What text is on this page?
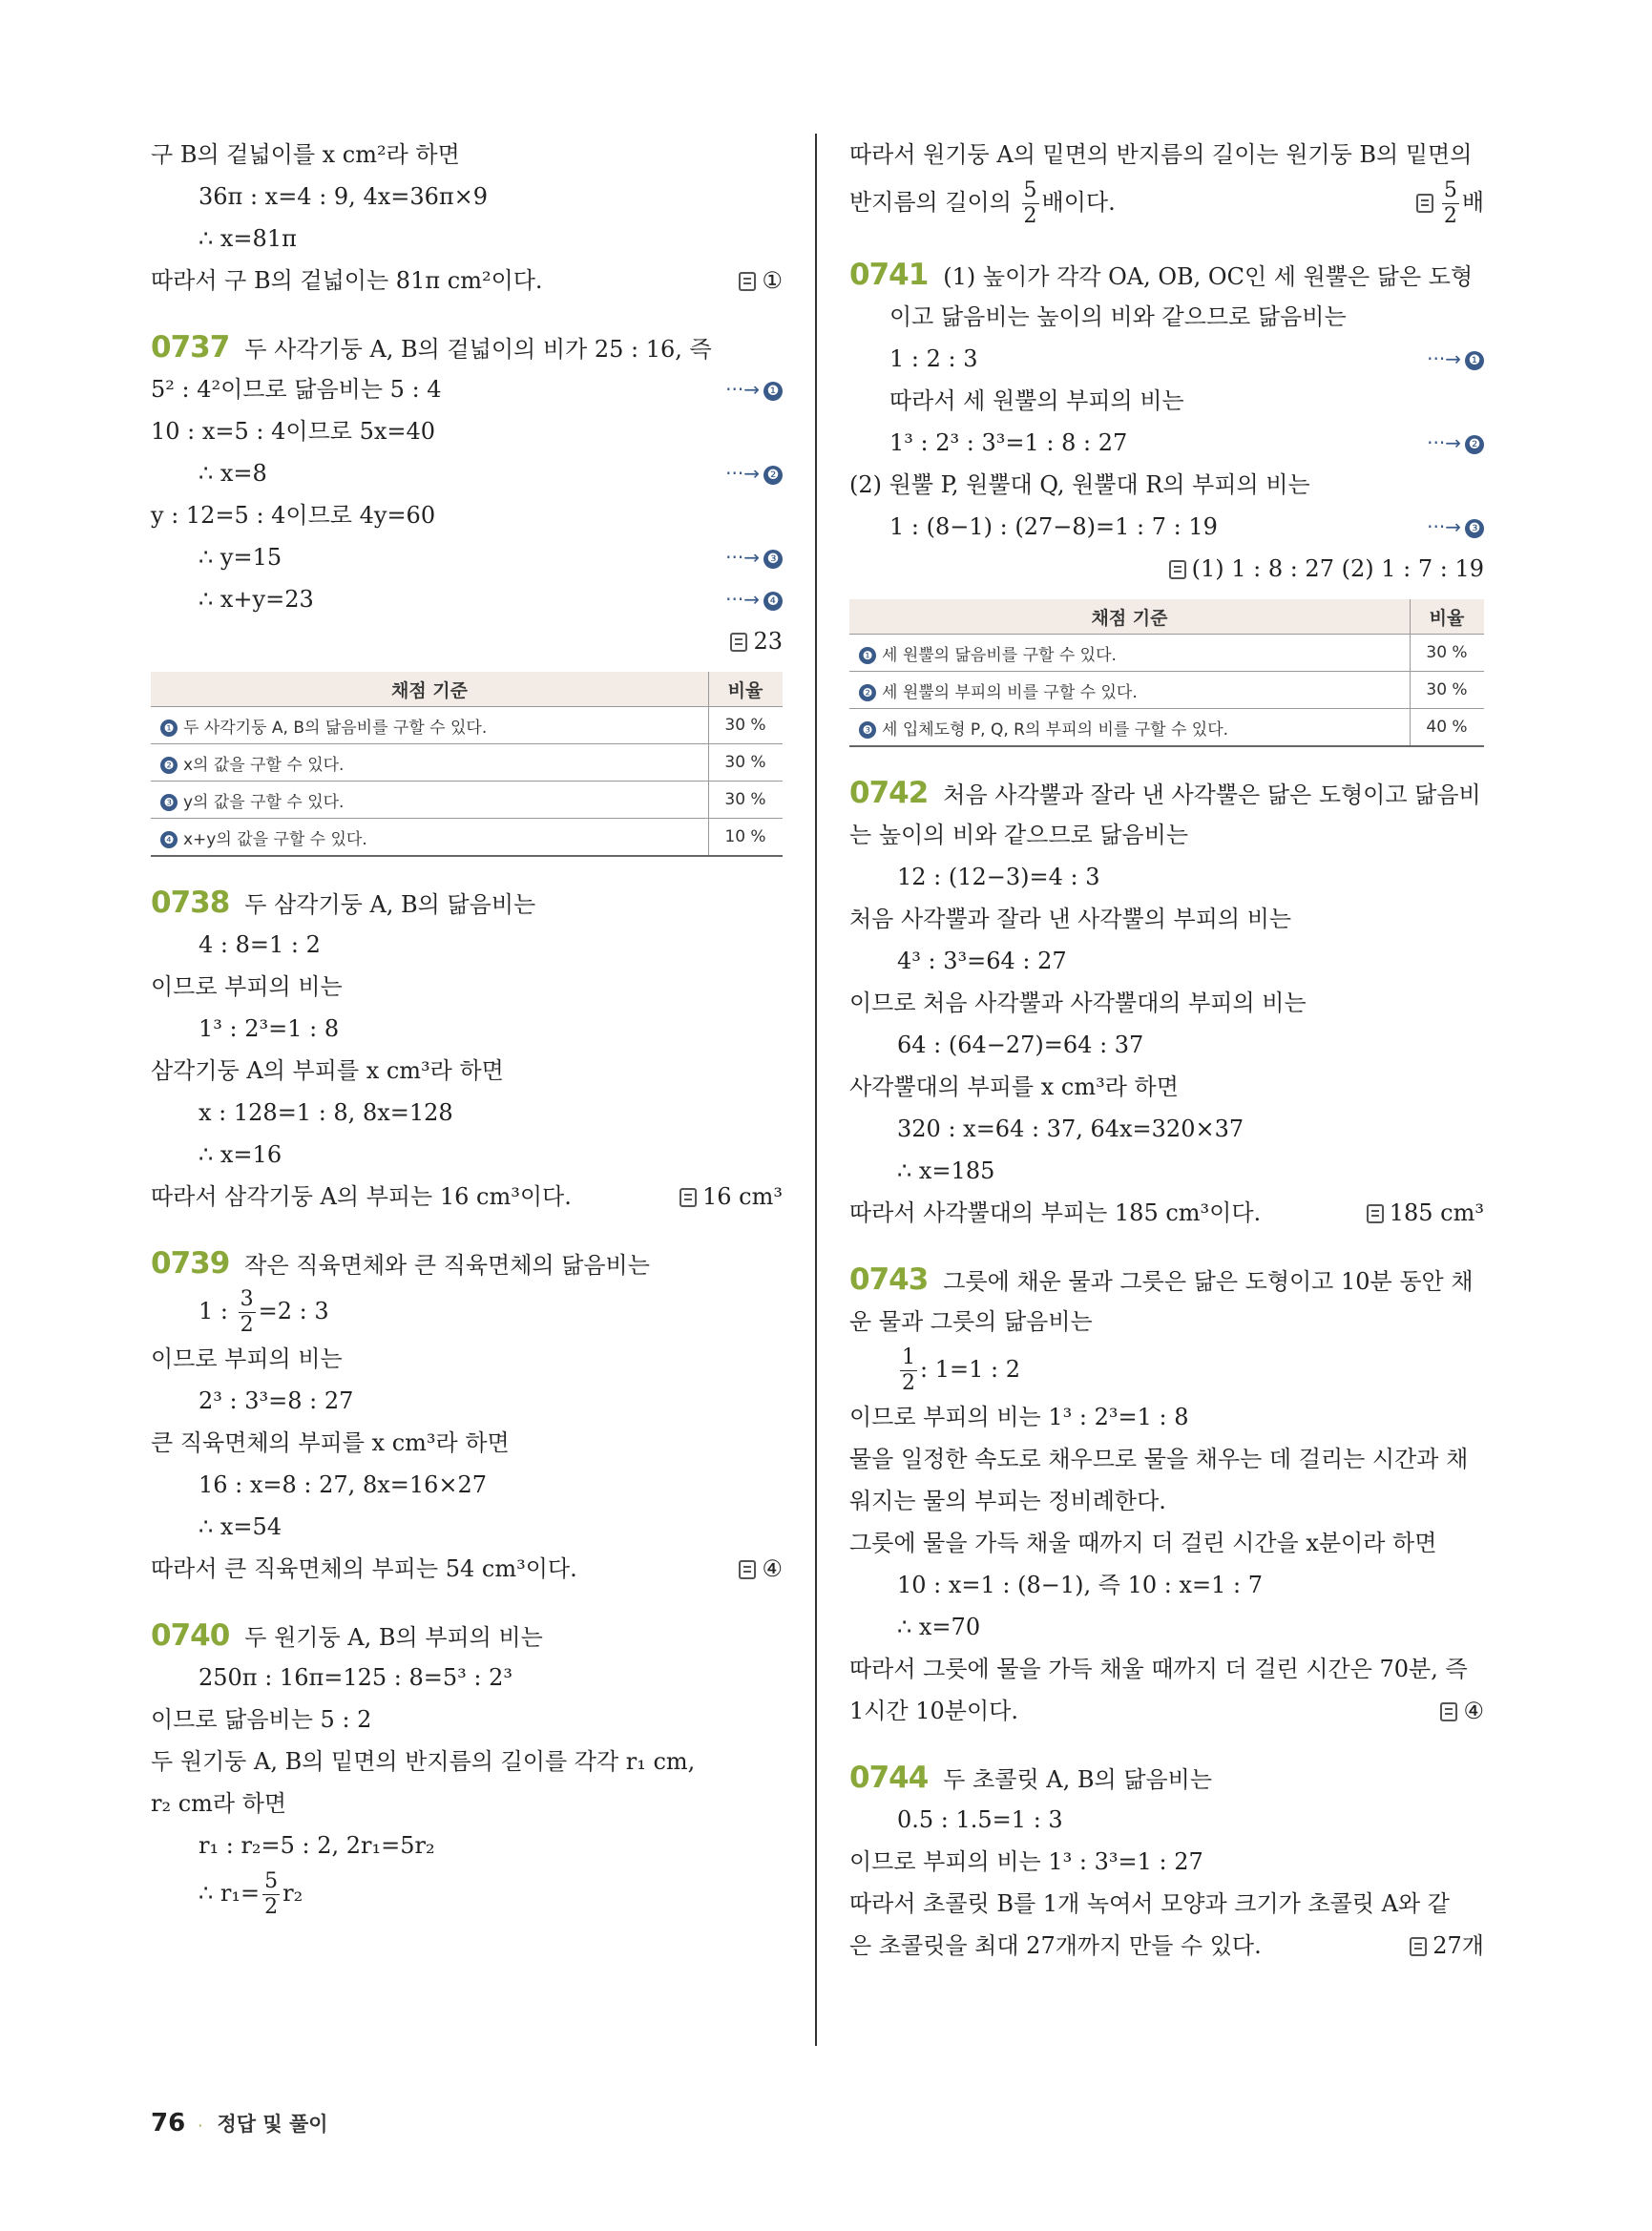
구 B의 겉넓이를 x cm²라 하면
36π : x=4 : 9, 4x=36π×9
∴ x=81π
따라서 구 B의 겉넓이는 81π cm²이다.	①
0737 두 사각기둥 A, B의 겉넓이의 비가 25 : 16, 즉
5² : 4²이므로 닮음비는 5 : 4	···→ ❶
10 : x=5 : 4이므로 5x=40
∴ x=8	···→ ❷
y : 12=5 : 4이므로 4y=60
∴ y=15	···→ ❸
∴ x+y=23	···→ ❹
23
채점 기준	비율
❶ 두 사각기둥 A, B의 닮음비를 구할 수 있다.	30 %
❷ x의 값을 구할 수 있다.	30 %
❸ y의 값을 구할 수 있다.	30 %
❹ x+y의 값을 구할 수 있다.	10 %
0738 두 삼각기둥 A, B의 닮음비는
4 : 8=1 : 2
이므로 부피의 비는
1³ : 2³=1 : 8
삼각기둥 A의 부피를 x cm³라 하면
x : 128=1 : 8, 8x=128
∴ x=16
따라서 삼각기둥 A의 부피는 16 cm³이다.	16 cm³
0739 작은 직육면체와 큰 직육면체의 닮음비는
1 : $\frac{3}{2} =2$ : 3
이므로 부피의 비는
2³ : 3³=8 : 27
큰 직육면체의 부피를 x cm³라 하면
16 : x=8 : 27, 8x=16×27
∴ x=54
따라서 큰 직육면체의 부피는 54 cm³이다.	④
0740 두 원기둥 A, B의 부피의 비는
250π : 16π=125 : 8=5³ : 2³
이므로 닮음비는 5 : 2
두 원기둥 A, B의 밑면의 반지름의 길이를 각각 r₁ cm,
r₂ cm라 하면
r₁ : r₂=5 : 2, 2r₁=5r₂
∴ $r_1= \frac{5}{2} r_2$
따라서 원기둥 A의 밑면의 반지름의 길이는 원기둥 B의 밑면의
반지름의 길이의 $\frac{5}{2}$ 배이다.	$\frac{5}{2}$ 배
0741 (1) 높이가 각각 OA, OB, OC인 세 원뿔은 닮은 도형
이고 닮음비는 높이의 비와 같으므로 닮음비는
1 : 2 : 3	···→ ❶
따라서 세 원뿔의 부피의 비는
1³ : 2³ : 3³=1 : 8 : 27	···→ ❷
(2) 원뿔 P, 원뿔대 Q, 원뿔대 R의 부피의 비는
1 : (8−1) : (27−8)=1 : 7 : 19	···→ ❸
(1) 1 : 8 : 27 (2) 1 : 7 : 19
채점 기준	비율
❶ 세 원뿔의 닮음비를 구할 수 있다.	30 %
❷ 세 원뿔의 부피의 비를 구할 수 있다.	30 %
❸ 세 입체도형 P, Q, R의 부피의 비를 구할 수 있다.	40 %
0742 처음 사각뿔과 잘라 낸 사각뿔은 닮은 도형이고 닮음비
는 높이의 비와 같으므로 닮음비는
12 : (12−3)=4 : 3
처음 사각뿔과 잘라 낸 사각뿔의 부피의 비는
4³ : 3³=64 : 27
이므로 처음 사각뿔과 사각뿔대의 부피의 비는
64 : (64−27)=64 : 37
사각뿔대의 부피를 x cm³라 하면
320 : x=64 : 37, 64x=320×37
∴ x=185
따라서 사각뿔대의 부피는 185 cm³이다.	185 cm³
0743 그릇에 채운 물과 그릇은 닮은 도형이고 10분 동안 채
운 물과 그릇의 닮음비는
$\frac{1}{2}$ : 1=1 : 2
이므로 부피의 비는 1³ : 2³=1 : 8
물을 일정한 속도로 채우므로 물을 채우는 데 걸리는 시간과 채
워지는 물의 부피는 정비례한다.
그릇에 물을 가득 채울 때까지 더 걸린 시간을 x분이라 하면
10 : x=1 : (8−1), 즉 10 : x=1 : 7
∴ x=70
따라서 그릇에 물을 가득 채울 때까지 더 걸린 시간은 70분, 즉
1시간 10분이다.	④
0744 두 초콜릿 A, B의 닮음비는
0.5 : 1.5=1 : 3
이므로 부피의 비는 1³ : 3³=1 : 27
따라서 초콜릿 B를 1개 녹여서 모양과 크기가 초콜릿 A와 같
은 초콜릿을 최대 27개까지 만들 수 있다.	27개
76 · 정답 및 풀이
